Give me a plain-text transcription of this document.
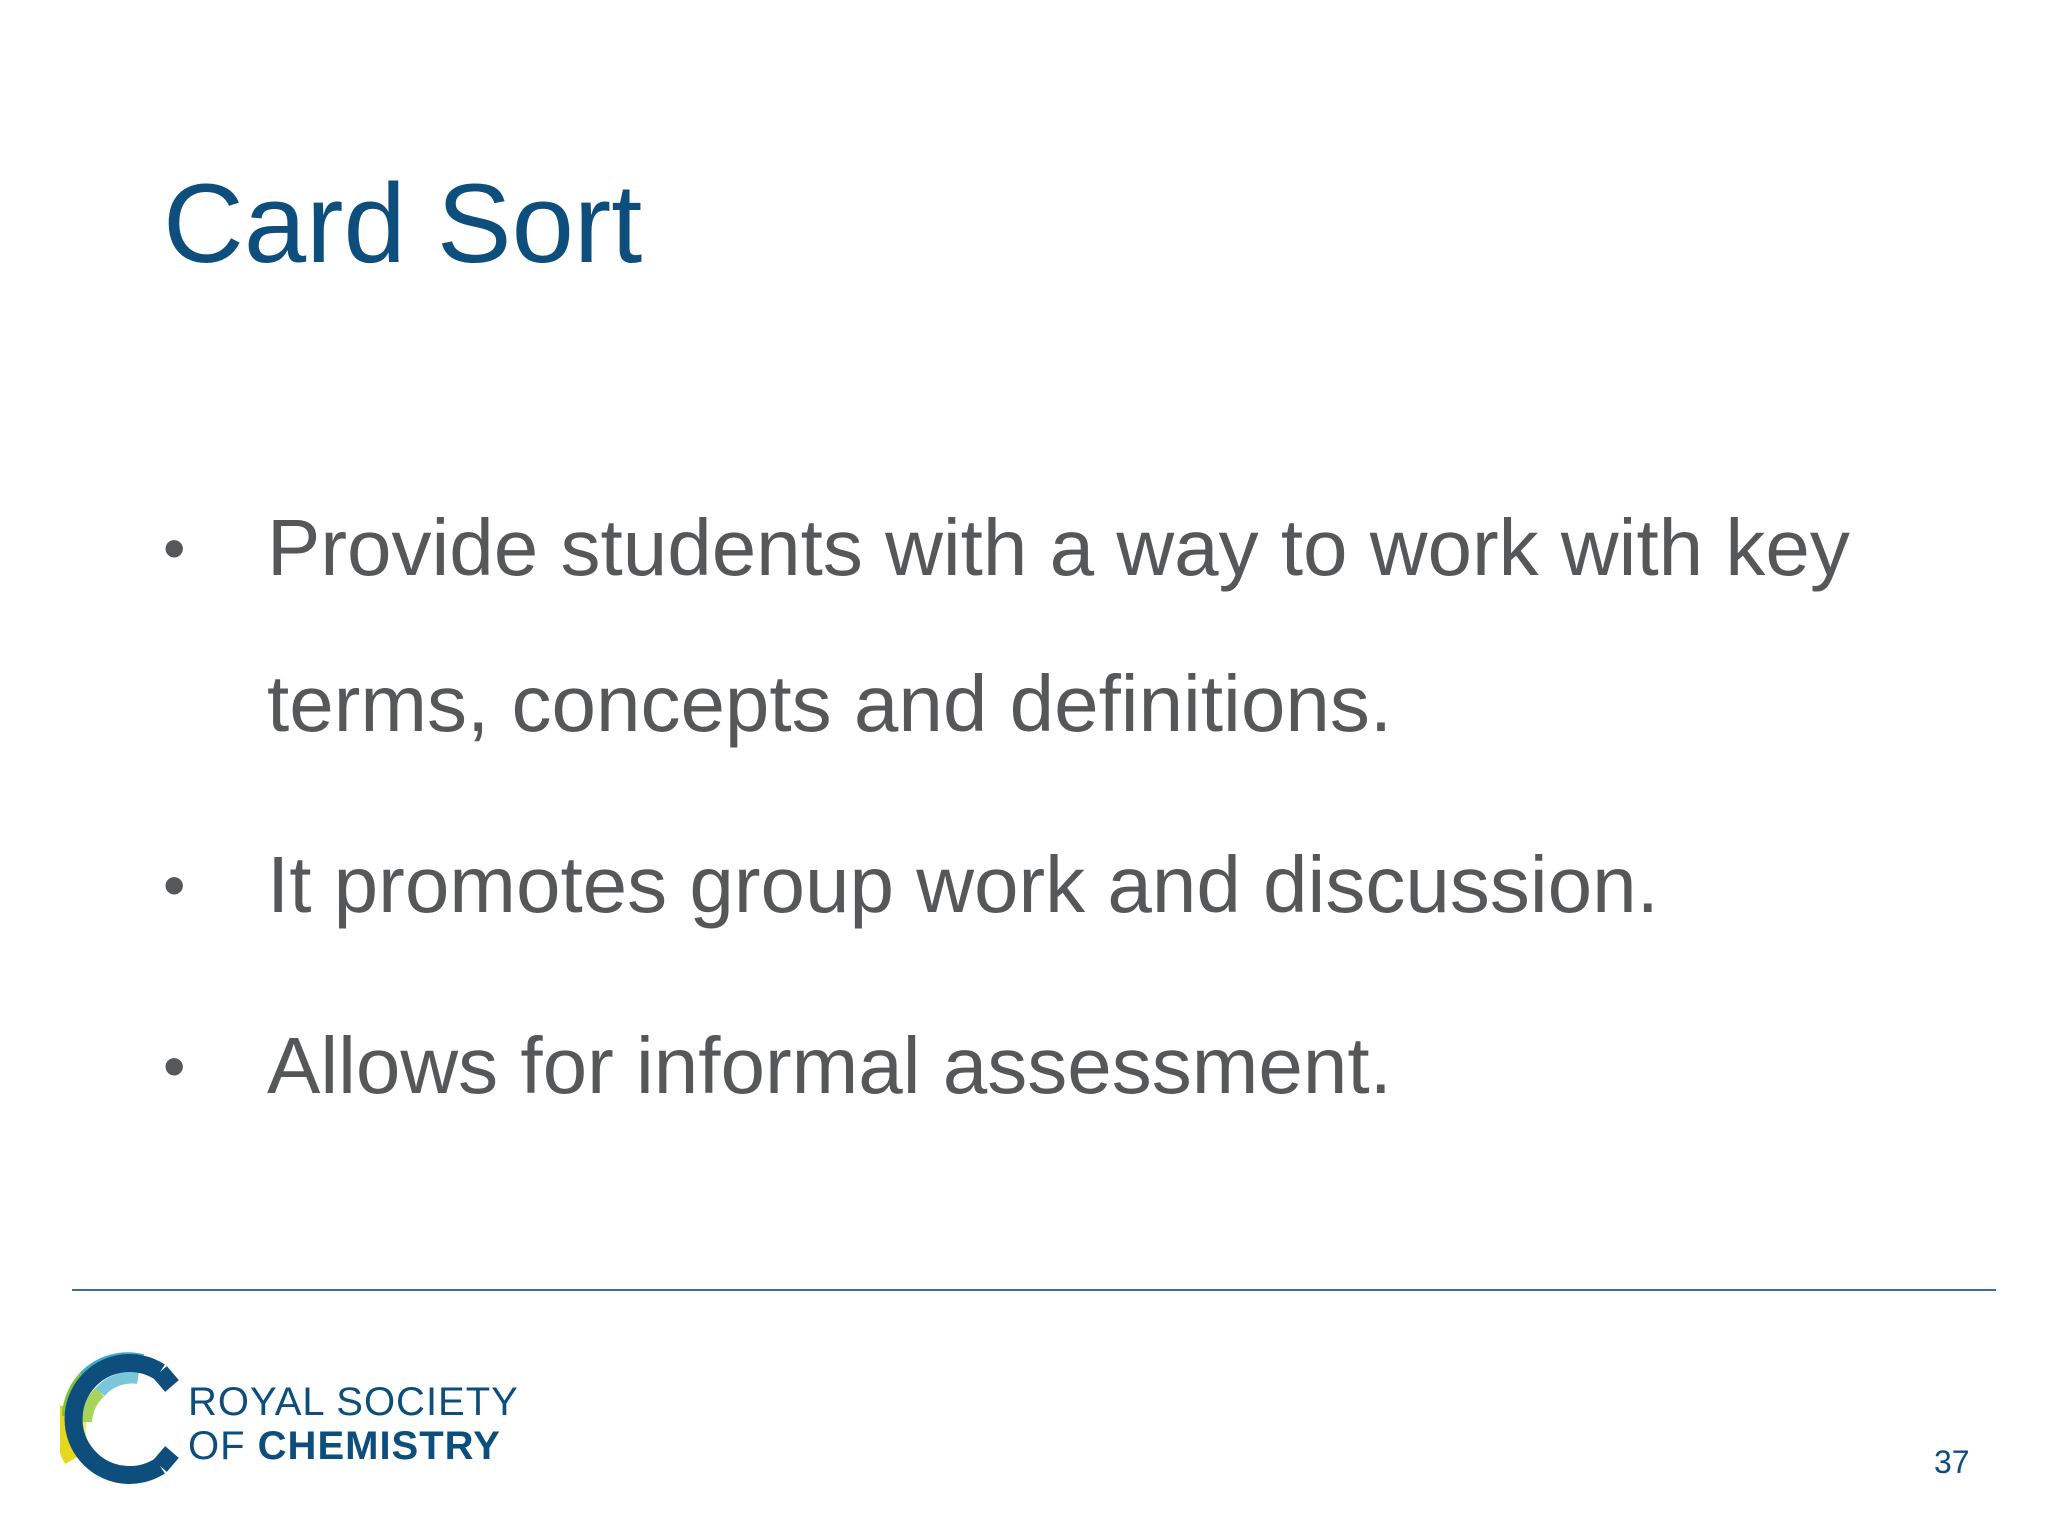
Card Sort
• Provide students with a way to work with key terms, concepts and definitions.
• It promotes group work and discussion.
• Allows for informal assessment.
ROYAL SOCIETY
OF CHEMISTRY	37
